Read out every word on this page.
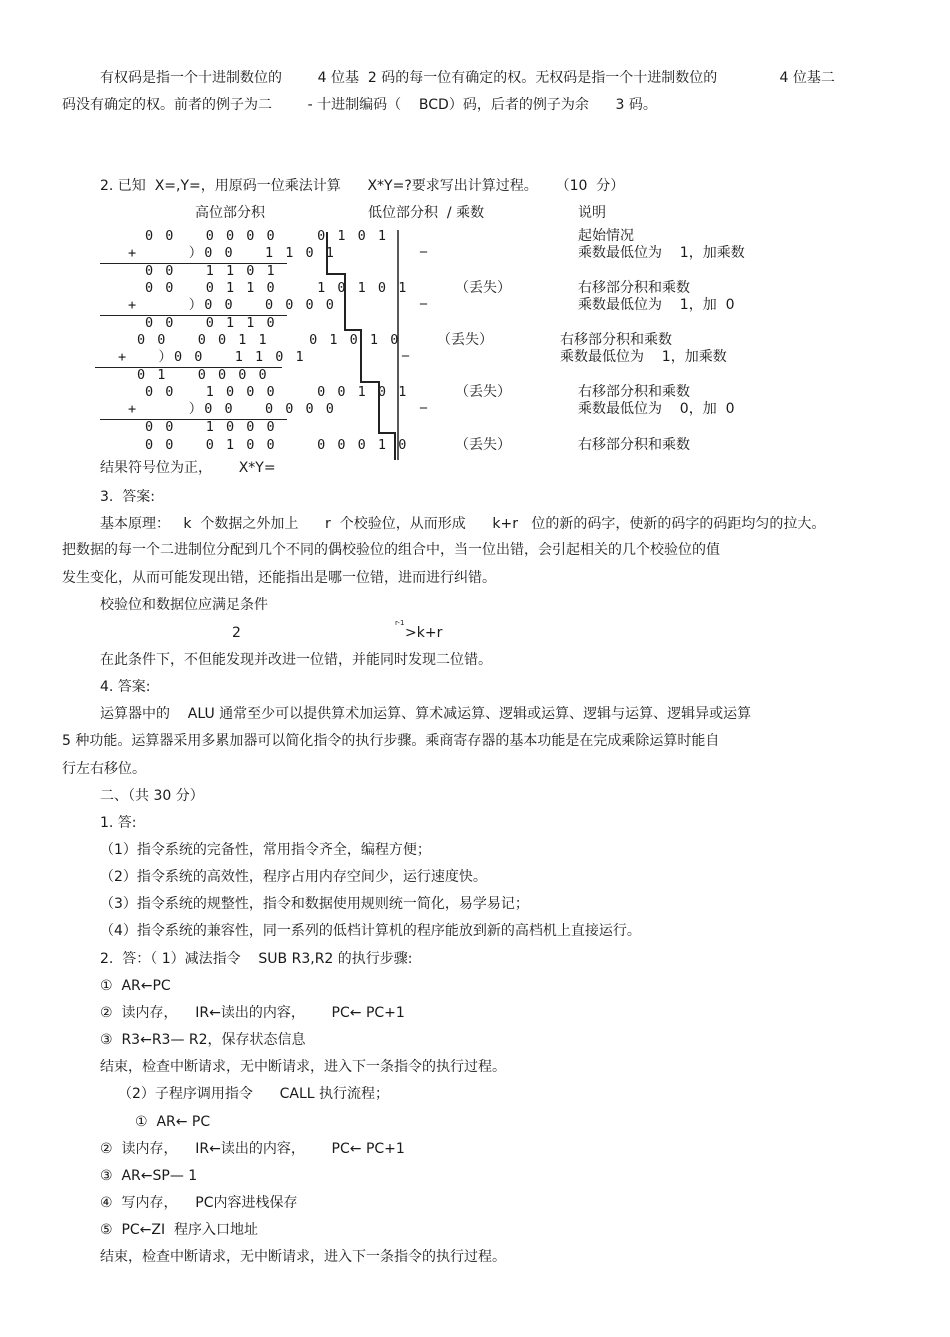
有权码是指一个十进制数位的        4 位基  2 码的每一位有确定的权。无权码是指一个十进制数位的              4 位基二
码没有确定的权。前者的例子为二        - 十进制编码（    BCD）码，后者的例子为余      3 码。
2. 已知  X=,Y=，用原码一位乘法计算      X*Y=?要求写出计算过程。    （10  分）
高位部分积	低位部分积  / 乘数	说明
0 0   0 0 0 0    0 1 0 1
+     ）0 0   1 1 0 1
0 0   1 1 0 1
0 0   0 1 1 0    1 0 1 0 1
+     ）0 0   0 0 0 0
0 0   0 1 1 0
0 0   0 0 1 1    0 1 0 1 0
+   ）0 0   1 1 0 1
0 1   0 0 0 0
0 0   1 0 0 0    0 0 1 0 1
+     ）0 0   0 0 0 0
0 0   1 0 0 0
0 0   0 1 0 0    0 0 0 1 0
_
_
_
_
（丢失）
（丢失）
（丢失）
（丢失）
起始情况
乘数最低位为    1，加乘数
右移部分积和乘数
乘数最低位为    1，加  0
右移部分积和乘数
乘数最低位为    1，加乘数
右移部分积和乘数
乘数最低位为    0，加  0
右移部分积和乘数
结果符号位为正，      X*Y=
3.  答案:
基本原理：   k  个数据之外加上      r  个校验位，从而形成      k+r   位的新的码字，使新的码字的码距均匀的拉大。
把数据的每一个二进制位分配到几个不同的偶校验位的组合中，当一位出错，会引起相关的几个校验位的值
发生变化，从而可能发现出错，还能指出是哪一位错，进而进行纠错。
校验位和数据位应满足条件
2
r-1
>k+r
在此条件下，不但能发现并改进一位错，并能同时发现二位错。
4. 答案:
运算器中的    ALU 通常至少可以提供算术加运算、算术减运算、逻辑或运算、逻辑与运算、逻辑异或运算
5 种功能。运算器采用多累加器可以简化指令的执行步骤。乘商寄存器的基本功能是在完成乘除运算时能自
行左右移位。
二、（共 30 分）
1. 答:
（1）指令系统的完备性，常用指令齐全，编程方便；
（2）指令系统的高效性，程序占用内存空间少，运行速度快。
（3）指令系统的规整性，指令和数据使用规则统一简化，易学易记；
（4）指令系统的兼容性，同一系列的低档计算机的程序能放到新的高档机上直接运行。
2.  答：（ 1）减法指令    SUB R3,R2 的执行步骤:
①  AR←PC
②  读内存，    IR←读出的内容，      PC← PC+1
③  R3←R3— R2，保存状态信息
结束，检查中断请求，无中断请求，进入下一条指令的执行过程。
（2）子程序调用指令      CALL 执行流程；
①  AR← PC
②  读内存，    IR←读出的内容，      PC← PC+1
③  AR←SP— 1
④  写内存，    PC内容进栈保存
⑤  PC←ZI  程序入口地址
结束，检查中断请求，无中断请求，进入下一条指令的执行过程。
